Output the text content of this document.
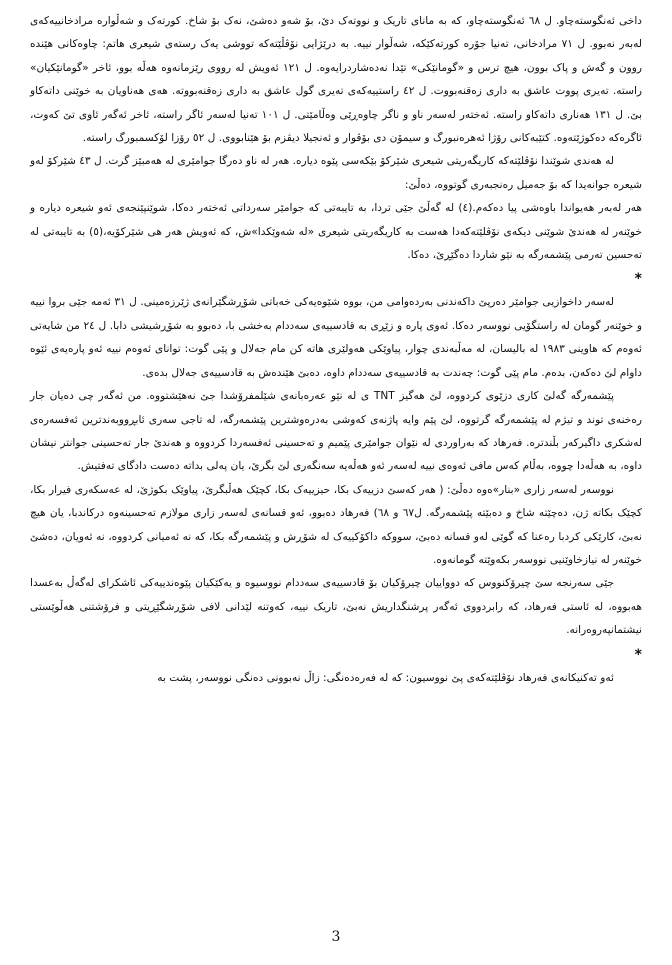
داخی ئەنگوستەچاو. ل ٦٨ ئەنگوستەچاو، کە بە مانای تاریک و نووتەک دێ، بۆ شەو دەشێ، نەک بۆ شاخ. کورتەک و شەڵوارە مرادخانییەکەی لەبەر نەبوو. ل ٧١ مرادخانی، تەنیا جۆرە کورتەکێکە، شەڵوار نییە. بە درێژایی نۆڤڵێتەکە تووشی یەک رستەی شیعری هاتم: چاوەکانی هێندە روون و گەش و پاک بوون، هیچ ترس و «گومانێکی» تێدا نەدەشاردرایەوە. ل ١٢١ ئەویش لە رووی رێزمانەوە هەڵە بوو، ئاخر «گومانێکیان» راستە. تەیری پووت عاشق بە داری زەقنەبووت. ل ٤٢ راستییەکەی تەیری گول عاشق بە داری زەقنەبووتە. هەی هەناویان بە خوێنی داتەکاو بێ. ل ١٣١ هەناری داتەکاو راستە. ئەختەر لەسەر ناو و ناگر چاوەڕێی وەڵامێتی. ل ١٠١ تەنیا لەسەر ئاگر راستە، ئاخر ئەگەر ئاوی تێ کەوت، ئاگرەکە دەکوژێتەوە. کتێبەکانی رۆژا ئەهرەنبورگ و سیمۆن دی بۆڤوار و ئەنجیلا دیڤزم بۆ هێنابووی. ل ٥٢ رۆزا لۆکسمبورگ راستە.

لە هەندی شوێندا نۆڤلێتەکە کاریگەریتی شیعری شێرکۆ بێکەسی پێوە دیارە. هەر لە ناو دەرگا جوامێری لە هەمبێز گرت. ل ٤٣ شێرکۆ لەو شیعرە جوانەیدا کە بۆ جەمیل رەنجبەری گوتووە، دەڵێ:

هەر لەبەر هەیواندا باوەشی پیا دەکەم.(٤) لە گەڵێ جێی تردا، بە تایبەتی کە جوامێر سەرداتی ئەختەر دەکا، شوێنپێنجەی ئەو شیعرە دیارە و خوێنەر لە هەندێ شوێنی دیکەی نۆڤلێتەکەدا هەست بە کاریگەریتی شیعری «لە شەوێکدا»ش، کە ئەویش هەر هی شێرکۆیە،(٥) بە تایبەتی لە تەحسین تەرمی پێشمەرگە بە نێو شاردا دەگێڕێ، دەکا.

*

لەسەر داخوازیی جوامێر دەرپێ داکەندنی بەردەوامی من، بووە شێوەیەکی خەباتی شۆڕشگێرانەی ژێرزەمینی. ل ٣١ ئەمە جێی بروا نییە و خوێنەر گومان لە راستگۆیی نووسەر دەکا. ئەوی پارە و زێڕی بە قادسییەی سەددام بەخشی با، دەبوو بە شۆڕشیشی دابا. ل ٢٤ من شایەتی ئەوەم کە هاوینی ١٩٨٣ لە بالیسان، لە مەڵبەندی چوار، پیاوێکی هەولێری هاتە کن مام جەلال و پێی گوت: توانای ئەوەم نییە ئەو پارەیەی ئێوە داوام لێ دەکەن، بدەم. مام پێی گوت: چەندت بە قادسییەی سەددام داوە، دەبێ هێندەش بە قادسییەی جەلال بدەی.

پێشمەرگە گەلێ کاری دزێوی کردووە، لێ هەگیز TNT ی لە نێو عەرەبانەی شێلمفرۆشدا جێ نەهێشتووە. من ئەگەر چی دەیان جار رەخنەی توند و تیژم لە پێشمەرگە گرتووە، لێ پێم وایە پاژنەی کەوشی بەدرەوشترین پێشمەرگە، لە تاجی سەری ئابڕووبەندترین ئەفسەرەی لەشکری داگیرکەر بڵندترە. فەرهاد کە بەراوردی لە نێوان جوامێری پێمیم و تەحسینی ئەفسەردا کردووە و هەندێ جار تەحسینی جوانتر نیشان داوە، بە هەڵەدا چووە، بەڵام کەس مافی ئەوەی نییە لەسەر ئەو هەڵەیە سەنگەری لێ بگرێ، یان پەلی بداتە دەست دادگای تەفتیش.

نووسەر لەسەر زاری «بنار»ەوە دەڵێ: ( هەر کەسێ دزییەک بکا، حیزییەک بکا، کچێک هەڵبگرێ، پیاوێک بکوژێ، لە عەسکەری فیرار بکا، کچێک بکاتە ژن، دەچێتە شاخ و دەبێتە پێشمەرگە. ل٦٧ و ٦٨) فەرهاد دەبوو، ئەو قسانەی لەسەر زاری مولازم تەحسینەوە درکاندبا، یان هیچ نەبێ، کارێکی کردبا رەعنا کە گوێی لەو قسانە دەبێ، سووکە داکۆکییەک لە شۆڕش و پێشمەرگە بکا، کە نە ئەمیانی کردووە، نە ئەویان، دەشێ خوێنەر لە نیازخاوێنیی نووسەر بکەوێتە گومانەوە.

جێی سەرنجە سێ چیرۆکنووس کە دوواییان چیرۆکیان بۆ قادسییەی سەددام نووسیوە و یەکێکیان پێوەندییەکی ئاشکرای لەگەڵ بەعسدا هەبووە، لە ئاستی فەرهاد، کە رابردووی ئەگەر پرشنگداریش نەبێ، تاریک نییە، کەوتنە لێدانی لافی شۆڕشگێڕیتی و فرۆشتنی هەڵوێستی نیشتمانپەروەرانە.

*

ئەو تەکنیکانەی فەرهاد نۆڤلێتەکەی پێ نووسیون: کە لە فەرەدەنگی: زاڵ نەبوونی دەنگی نووسەر، پشت بە

3
